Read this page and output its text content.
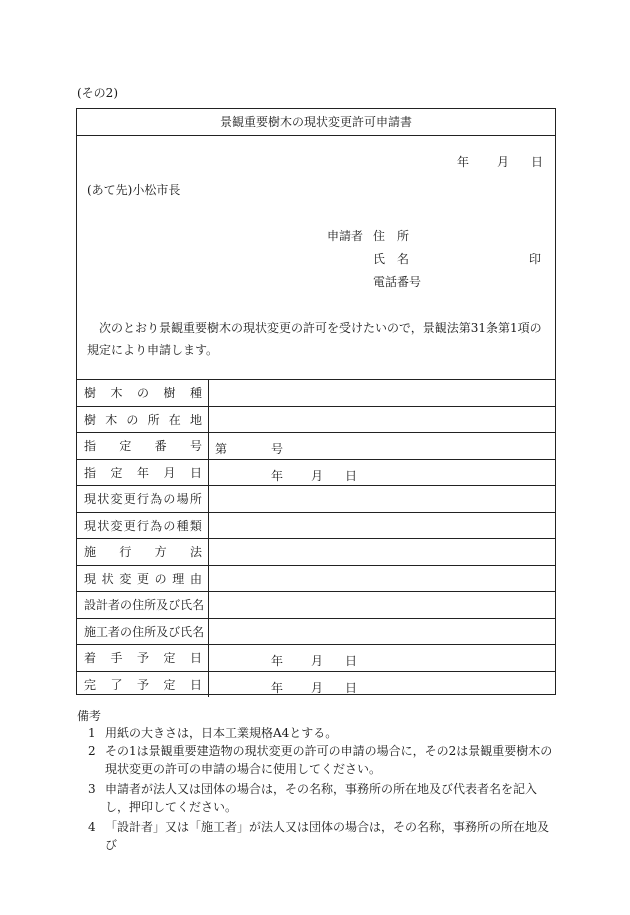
(その2)
景観重要樹木の現状変更許可申請書
年 月 日
(あて先)小松市長
申請者 住　所
氏　名	印
電話番号
次のとおり景観重要樹木の現状変更の許可を受けたいので，景観法第31条第1項の規定により申請します。
樹 木 の 樹 種
樹 木 の 所 在 地
指 定 番 号 第	号
指 定 年 月 日	年 月 日
現 状 変 更 行 為 の 場 所
現 状 変 更 行 為 の 種 類
施 行 方 法
現 状 変 更 の 理 由
設 計 者 の 住 所 及 び 氏 名
施 工 者 の 住 所 及 び 氏 名
着 手 予 定 日	年 月 日
完 了 予 定 日	年 月 日
備考
1 用紙の大きさは，日本工業規格A4とする。
2 その1は景観重要建造物の現状変更の許可の申請の場合に，その2は景観重要樹木の現状変更の許可の申請の場合に使用してください。
3 申請者が法人又は団体の場合は，その名称，事務所の所在地及び代表者名を記入し，押印してください。
4 「設計者」又は「施工者」が法人又は団体の場合は，その名称，事務所の所在地及び
